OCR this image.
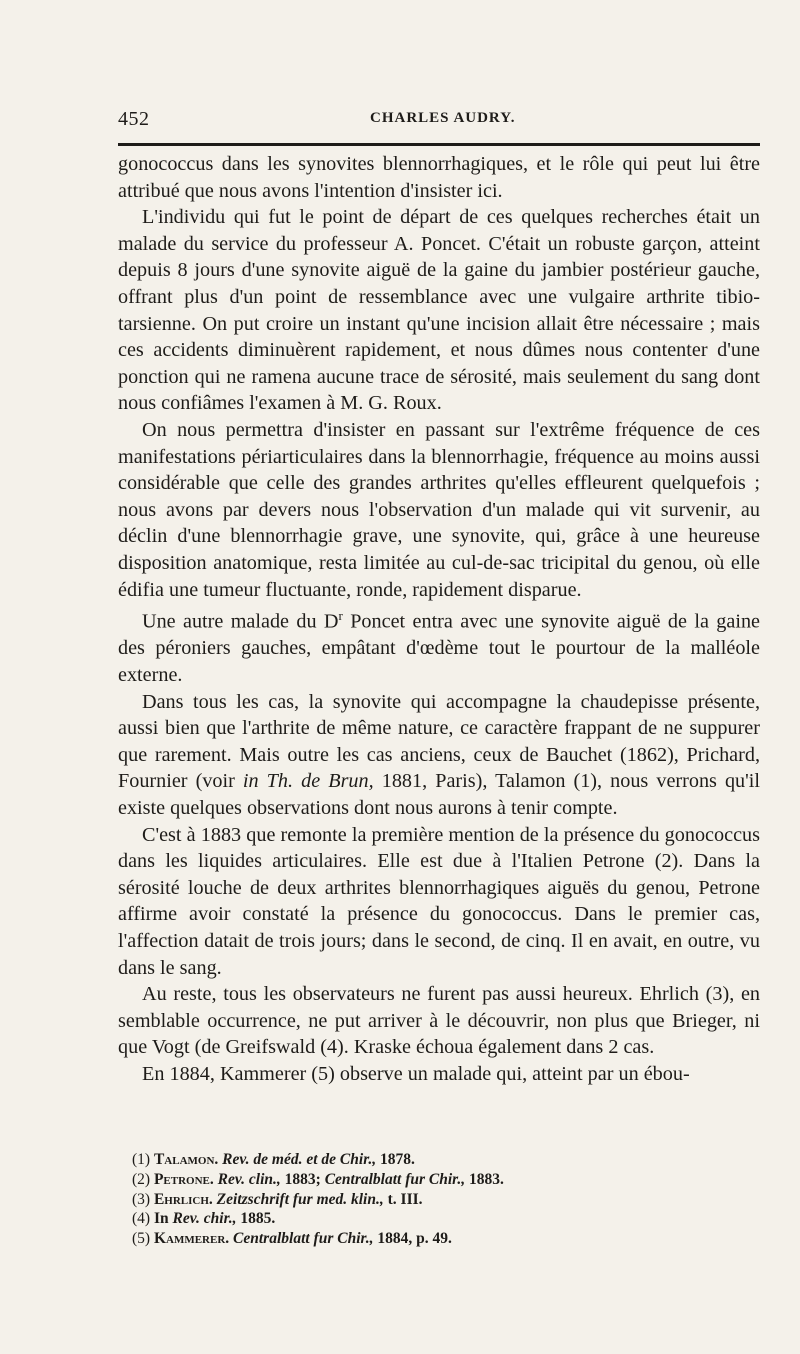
452	CHARLES AUDRY.

gonococcus dans les synovites blennorrhagiques, et le rôle qui peut lui être attribué que nous avons l'intention d'insister ici.

L'individu qui fut le point de départ de ces quelques recherches était un malade du service du professeur A. Poncet. C'était un robuste garçon, atteint depuis 8 jours d'une synovite aiguë de la gaine du jambier postérieur gauche, offrant plus d'un point de ressemblance avec une vulgaire arthrite tibio-tarsienne. On put croire un instant qu'une incision allait être nécessaire ; mais ces accidents diminuèrent rapidement, et nous dûmes nous contenter d'une ponction qui ne ramena aucune trace de sérosité, mais seulement du sang dont nous confiâmes l'examen à M. G. Roux.

On nous permettra d'insister en passant sur l'extrême fréquence de ces manifestations périarticulaires dans la blennorrhagie, fréquence au moins aussi considérable que celle des grandes arthrites qu'elles effleurent quelquefois ; nous avons par devers nous l'observation d'un malade qui vit survenir, au déclin d'une blennorrhagie grave, une synovite, qui, grâce à une heureuse disposition anatomique, resta limitée au cul-de-sac tricipital du genou, où elle édifia une tumeur fluctuante, ronde, rapidement disparue.

Une autre malade du $D^r$ Poncet entra avec une synovite aiguë de la gaine des péroniers gauches, empâtant d'œdème tout le pourtour de la malléole externe.

Dans tous les cas, la synovite qui accompagne la chaudepisse présente, aussi bien que l'arthrite de même nature, ce caractère frappant de ne suppurer que rarement. Mais outre les cas anciens, ceux de Bauchet (1862), Prichard, Fournier (voir in Th. de Brun, 1881, Paris), Talamon (1), nous verrons qu'il existe quelques observations dont nous aurons à tenir compte.

C'est à 1883 que remonte la première mention de la présence du gonococcus dans les liquides articulaires. Elle est due à l'Italien Petrone (2). Dans la sérosité louche de deux arthrites blennorrhagiques aiguës du genou, Petrone affirme avoir constaté la présence du gonococcus. Dans le premier cas, l'affection datait de trois jours; dans le second, de cinq. Il en avait, en outre, vu dans le sang.

Au reste, tous les observateurs ne furent pas aussi heureux. Ehrlich (3), en semblable occurrence, ne put arriver à le découvrir, non plus que Brieger, ni que Vogt (de Greifswald (4). Kraske échoua également dans 2 cas.

En 1884, Kammerer (5) observe un malade qui, atteint par un ébou-

(1) Talamon. Rev. de méd. et de Chir., 1878.

(2) Petrone. Rev. clin., 1883; Centralblatt fur Chir., 1883.

(3) Ehrlich. Zeitzschrift fur med. klin., t. III.

(4) In Rev. chir., 1885.

(5) Kammerer. Centralblatt fur Chir., 1884, p. 49.
